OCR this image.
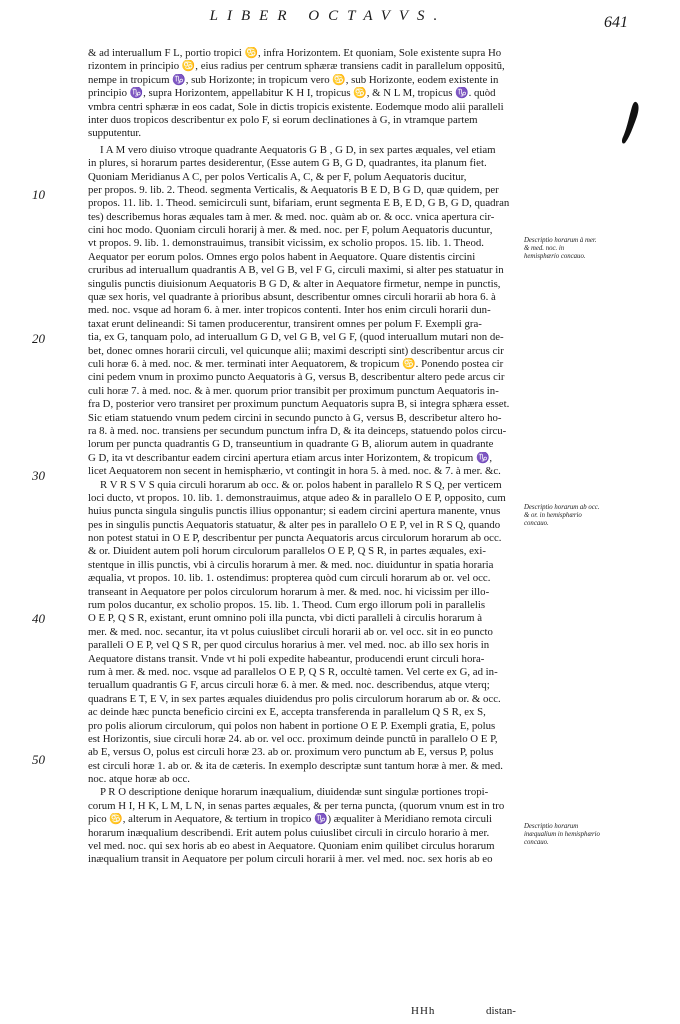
LIBER OCTAVVS.	641
10
20
30
40
50
Descriptio horarum à mer. & med. noc. in hemisphærio concauo.
Descriptio horarum ab occ. & or. in hemisphærio concauo.
Descriptio horarum inæqualium in hemisphærio concauo.
& ad interuallum F L, portio tropici ♋, infra Horizontem. Et quoniam, Sole existente supra Ho
rizontem in principio ♋, eius radius per centrum sphæræ transiens cadit in parallelum oppositũ,
nempe in tropicum ♑, sub Horizonte; in tropicum vero ♋, sub Horizonte, eodem existente in
principio ♑, supra Horizontem, appellabitur K H I, tropicus ♋, & N L M, tropicus ♑. quòd
vmbra centri sphæræ in eos cadat, Sole in dictis tropicis existente. Eodemque modo alii paralleli
inter duos tropicos describentur ex polo F, si eorum declinationes à G, in vtramque partem
supputentur.
I A M vero diuiso vtroque quadrante Aequatoris G B , G D, in sex partes æquales, vel etiam
in plures, si horarum partes desiderentur, (Esse autem G B, G D, quadrantes, ita planum fiet.
Quoniam Meridianus A C, per polos Verticalis A, C, & per F, polum Aequatoris ducitur,
per propos. 9. lib. 2. Theod. segmenta Verticalis, & Aequatoris B E D, B G D, quæ quidem, per
propos. 11. lib. 1. Theod. semicirculi sunt, bifariam, erunt segmenta E B, E D, G B, G D, quadran
tes) describemus horas æquales tam à mer. & med. noc. quàm ab or. & occ. vnica apertura cir-
cini hoc modo. Quoniam circuli horarij à mer. & med. noc. per F, polum Aequatoris ducuntur,
vt propos. 9. lib. 1. demonstrauimus, transibit vicissim, ex scholio propos. 15. lib. 1. Theod.
Aequator per eorum polos. Omnes ergo polos habent in Aequatore. Quare distentis circini
cruribus ad interuallum quadrantis A B, vel G B, vel F G, circuli maximi, si alter pes statuatur in
singulis punctis diuisionum Aequatoris B G D, & alter in Aequatore firmetur, nempe in punctis,
quæ sex horis, vel quadrante à prioribus absunt, describentur omnes circuli horarii ab hora 6. à
med. noc. vsque ad horam 6. à mer. inter tropicos contenti. Inter hos enim circuli horarii dun-
taxat erunt delineandi: Si tamen producerentur, transirent omnes per polum F. Exempli gra-
tia, ex G, tanquam polo, ad interuallum G D, vel G B, vel G F, (quod interuallum mutari non de-
bet, donec omnes horarii circuli, vel quicunque alii; maximi descripti sint) describentur arcus cir
culi horæ 6. à med. noc. & mer. terminati inter Aequatorem, & tropicum ♋. Ponendo postea cir
cini pedem vnum in proximo puncto Aequatoris à G, versus B, describentur altero pede arcus cir
culi horæ 7. à med. noc. & à mer. quorum prior transibit per proximum punctum Aequatoris in-
fra D, posterior vero transiret per proximum punctum Aequatoris supra B, si integra sphæra esset.
Sic etiam statuendo vnum pedem circini in secundo puncto à G, versus B, describetur altero ho-
ra 8. à med. noc. transiens per secundum punctum infra D, & ita deinceps, statuendo polos circu-
lorum per puncta quadrantis G D, transeuntium in quadrante G B, aliorum autem in quadrante
G D, ita vt describantur eadem circini apertura etiam arcus inter Horizontem, & tropicum ♑,
licet Aequatorem non secent in hemisphærio, vt contingit in hora 5. à med. noc. & 7. à mer. &c.
R V R S V S quia circuli horarum ab occ. & or. polos habent in parallelo R S Q, per verticem
loci ducto, vt propos. 10. lib. 1. demonstrauimus, atque adeo & in parallelo O E P, opposito, cum
huius puncta singula singulis punctis illius opponantur; si eadem circini apertura manente, vnus
pes in singulis punctis Aequatoris statuatur, & alter pes in parallelo O E P, vel in R S Q, quando
non potest statui in O E P, describentur per puncta Aequatoris arcus circulorum horarum ab occ.
& or. Diuident autem poli horum circulorum parallelos O E P, Q S R, in partes æquales, exi-
stentque in illis punctis, vbi à circulis horarum à mer. & med. noc. diuiduntur in spatia horaria
æqualia, vt propos. 10. lib. 1. ostendimus: propterea quòd cum circuli horarum ab or. vel occ.
transeant in Aequatore per polos circulorum horarum à mer. & med. noc. hi vicissim per illo-
rum polos ducantur, ex scholio propos. 15. lib. 1. Theod. Cum ergo illorum poli in parallelis
O E P, Q S R, existant, erunt omnino poli illa puncta, vbi dicti paralleli à circulis horarum à
mer. & med. noc. secantur, ita vt polus cuiuslibet circuli horarii ab or. vel occ. sit in eo puncto
paralleli O E P, vel Q S R, per quod circulus horarius à mer. vel med. noc. ab illo sex horis in
Aequatore distans transit. Vnde vt hi poli expedite habeantur, producendi erunt circuli hora-
rum à mer. & med. noc. vsque ad parallelos O E P, Q S R, occultè tamen. Vel certe ex G, ad in-
teruallum quadrantis G F, arcus circuli horæ 6. à mer. & med. noc. describendus, atque vterq;
quadrans E T, E V, in sex partes æquales diuidendus pro polis circulorum horarum ab or. & occ.
ac deinde hæc puncta beneficio circini ex E, accepta transferenda in parallelum Q S R, ex S,
pro polis aliorum circulorum, qui polos non habent in portione O E P. Exempli gratia, E, polus
est Horizontis, siue circuli horæ 24. ab or. vel occ. proximum deinde punctũ in parallelo O E P,
ab E, versus O, polus est circuli horæ 23. ab or. proximum vero punctum ab E, versus P, polus
est circuli horæ 1. ab or. & ita de cæteris. In exemplo descriptæ sunt tantum horæ à mer. & med.
noc. atque horæ ab occ.
P R O descriptione denique horarum inæqualium, diuidendæ sunt singulæ portiones tropi-
corum H I, H K, L M, L N, in senas partes æquales, & per terna puncta, (quorum vnum est in tro
pico ♋, alterum in Aequatore, & tertium in tropico ♑) æqualiter à Meridiano remota circuli
horarum inæqualium describendi. Erit autem polus cuiuslibet circuli in circulo horario à mer.
vel med. noc. qui sex horis ab eo abest in Aequatore. Quoniam enim quilibet circulus horarum
inæqualium transit in Aequatore per polum circuli horarii à mer. vel med. noc. sex horis ab eo
HHh	distan-
